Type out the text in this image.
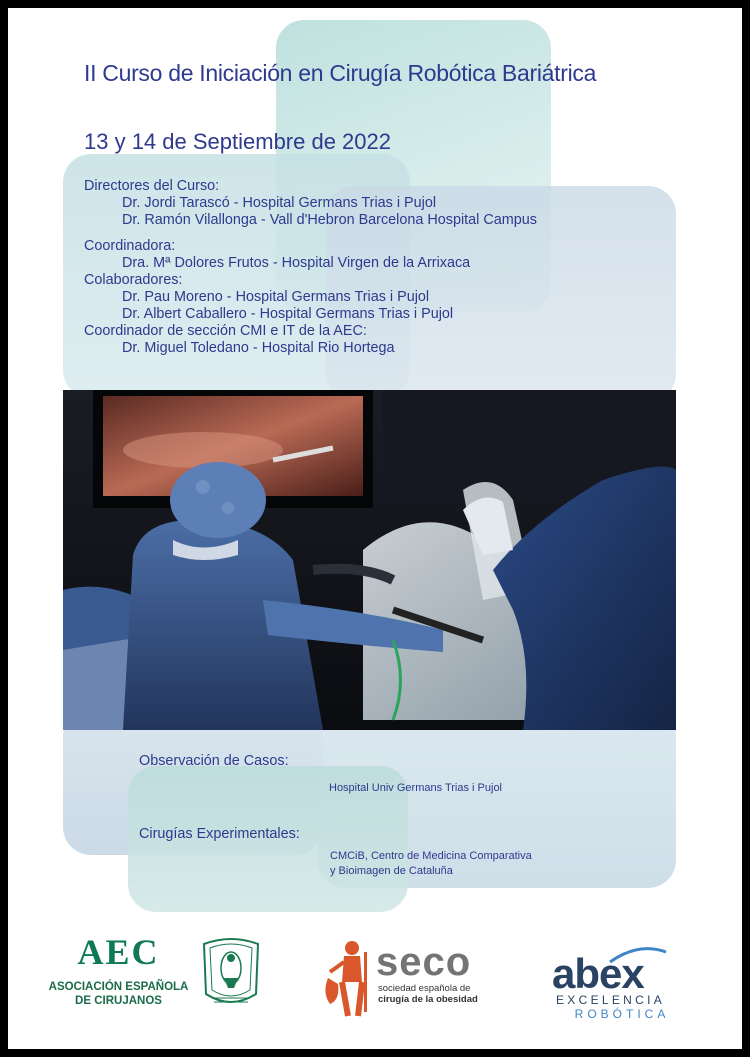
II Curso de Iniciación en Cirugía Robótica Bariátrica
13 y 14 de Septiembre de 2022
Directores del Curso:
Dr. Jordi Tarascó - Hospital Germans Trias i Pujol
Dr. Ramón Vilallonga - Vall d'Hebron Barcelona Hospital Campus
Coordinadora:
Dra. Mª Dolores Frutos - Hospital Virgen de la Arrixaca
Colaboradores:
Dr. Pau Moreno - Hospital Germans Trias i Pujol
Dr. Albert Caballero - Hospital Germans Trias i Pujol
Coordinador de sección CMI e IT de la AEC:
Dr. Miguel Toledano - Hospital Rio Hortega
Observación de Casos:
Hospital Univ Germans Trias i Pujol
Cirugías Experimentales:
CMCiB, Centro de Medicina Comparativa
y Bioimagen de Cataluña
AEC
ASOCIACIÓN ESPAÑOLA
DE CIRUJANOS
seco
sociedad española de
cirugía de la obesidad
abex
EXCELENCIA
ROBÓTICA
